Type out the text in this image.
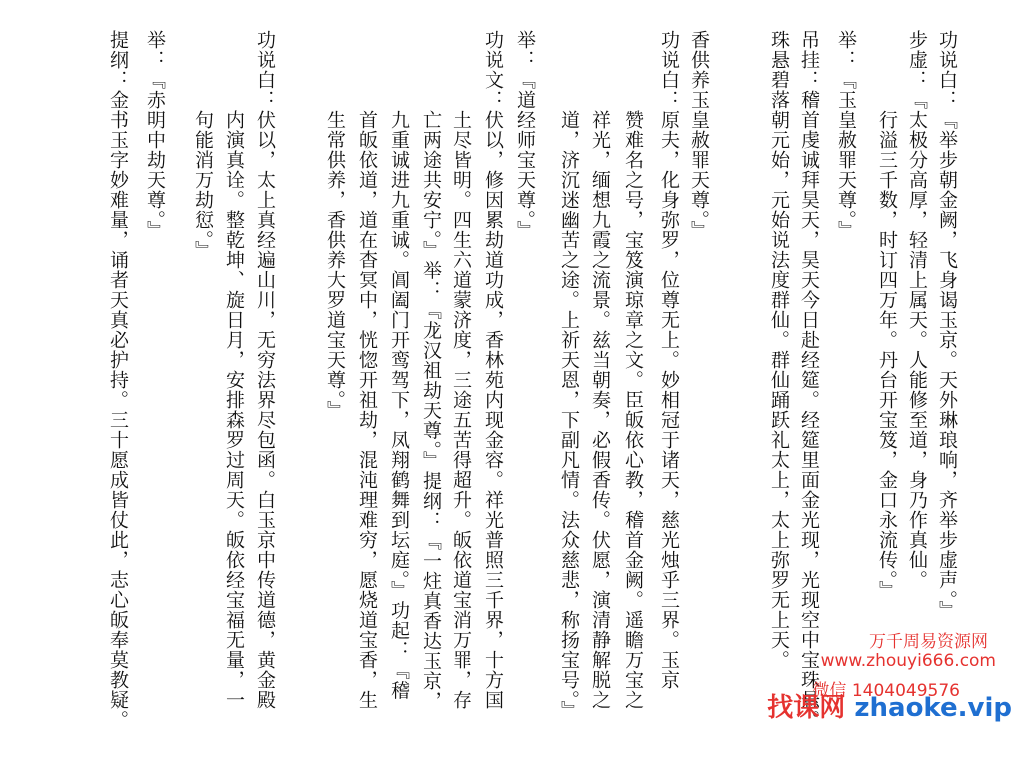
功说白：『举步朝金阙，飞身谒玉京。天外琳琅响，齐举步虚声。』
步虚：『太极分高厚，轻清上属天。人能修至道，身乃作真仙。
行溢三千数，时订四万年。丹台开宝笈，金口永流传。』
举：『玉皇赦罪天尊。』
吊挂：稽首虔诚拜昊天，昊天今日赴经筵。经筵里面金光现，光现空中宝珠悬。
珠悬碧落朝元始，元始说法度群仙。群仙踊跃礼太上，太上弥罗无上天。
香供养玉皇赦罪天尊。』
功说白：原夫，化身弥罗，位尊无上。妙相冠于诸天，慈光烛乎三界。玉京
赞难名之号，宝笈演琼章之文。臣皈依心教，稽首金阙。遥瞻万宝之
祥光，缅想九霞之流景。兹当朝奏，必假香传。伏愿，演清静解脱之
道，济沉迷幽苦之途。上祈天恩，下副凡情。法众慈悲，称扬宝号。』
举：『道经师宝天尊。』
功说文：伏以，修因累劫道功成，香林苑内现金容。祥光普照三千界，十方国
土尽皆明。四生六道蒙济度，三途五苦得超升。皈依道宝消万罪，存
亡两途共安宁。』举：『龙汉祖劫天尊。』提纲：『一炷真香达玉京，
九重诚进九重诚。阊阖门开鸾驾下，凤翔鹤舞到坛庭。』功起：『稽
首皈依道，道在杳冥中，恍惚开祖劫，混沌理难穷，愿烧道宝香，生
生常供养，香供养大罗道宝天尊。』
功说白：伏以，太上真经遍山川，无穷法界尽包函。白玉京中传道德，黄金殿
内演真诠。整乾坤、旋日月，安排森罗过周天。皈依经宝福无量，一
句能消万劫愆。』
举：『赤明中劫天尊。』
提纲：金书玉字妙难量，诵者天真必护持。三十愿成皆仗此，志心皈奉莫教疑。	万千周易资源网
www.zhouyi666.com
微信 1404049576
找课网 zhaoke.vip
